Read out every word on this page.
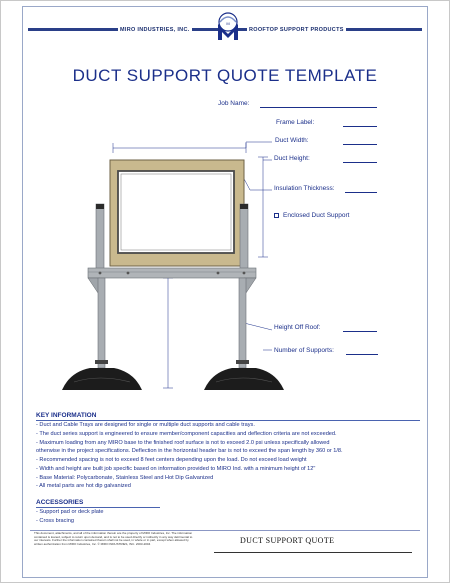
MIRO INDUSTRIES, INC.	ROOFTOP SUPPORT PRODUCTS
M
DUCT SUPPORT QUOTE TEMPLATE
Job Name:
Frame Label:
Duct Width:
Duct Height:
Insulation Thickness:
Enclosed Duct Support
Height Off Roof:
Number of Supports:
KEY INFORMATION
- Duct and Cable Trays are designed for single or multiple duct supports and cable trays.
- The duct series support is engineered to ensure member/component capacities and deflection criteria are not exceeded.
- Maximum loading from any MIRO base to the finished roof surface is not to exceed 2.0 psi unless specifically allowed
otherwise in the project specifications. Deflection in the horizontal header bar is not to exceed the span length by 360 or 1/8.
- Recommended spacing is not to exceed 8 feet centers depending upon the load. Do not exceed load weight
- Width and height are built job specific based on information provided to MIRO Ind. with a minimum height of 12"
- Base Material: Polycarbonate, Stainless Steel and Hot Dip Galvanized
- All metal parts are hot dip galvanized
ACCESSORIES
- Support pad or deck plate
- Cross bracing
This document, attachments, and all of the information therein are the property of MIRO Industries, Inc. The information contained is loaned, subject to return upon demand, and is not to be used directly or indirectly in any way detrimental to our interests. Further the information contained therein shall not be used, in whole or in part, except when allowed by written authorization from MIRO Industries, Inc. © MIRO INDUSTRIES, INC. 2003-2004	DUCT SUPPORT QUOTE
